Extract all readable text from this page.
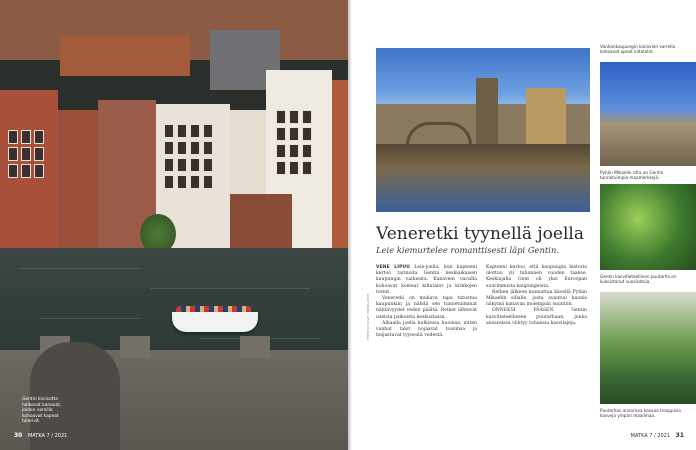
Gentin kiviisotta halkovat kanavat, joiden varsilla kohoavat kapeat talorivit.
30 MATKA 7 / 2021
Vanhankaupungin kanavien varrella kohoavat upeat kiltatalot.
Pyhän Mikaelin silta on Gentin tunnetuimpia maamerkkejä.
Gentin kasvitieteellinen puutarha on kukoistanut vuosisatoja.
Puutarhan ansarissa kasvaa trooppisia kasveja ympäri maailmaa.
Veneretki tyynellä joella

Leie kiemurtelee romanttisesti läpi Gentin.

TEKSTI JA KUVAT: MATKA-LEHTI

VENE LIPUU Leie-joella, kun kapteeni kertoo tarinoita Gentin keskiaikaisen kaupungin vaiheista. Kanavien varsilla kohoavat komeat kiltatalot ja kirkkojen tornit.

Veneretki on mukava tapa tutustua kaupunkiin ja nähdä sen tunnetuimmat nähtävyydet veden päältä. Retket lähtevät useista paikoista keskustassa.

Alhaalla joella kulkiessa huomaa, miten vanhat talot nojaavat toisiinsa ja heijastuvat tyynestä vedestä.

Kapteeni kertoo, että kaupungin historia ulottuu yli tuhannen vuoden taakse. Keskiajalla Gent oli yksi Euroopan suurimmista kaupungeista.

Retken jälkeen kannattaa kävellä Pyhän Mikaelin sillalle, josta avautuu kaunis näkymä kanavan molempiin suuntiin.

ONNEKSI PÄÄSEN Gentin kasvitieteelliseen puutarhaan, jonka ansareissa viihtyy tuhansia kasvilajeja.

MATKA 7 / 2021 31
